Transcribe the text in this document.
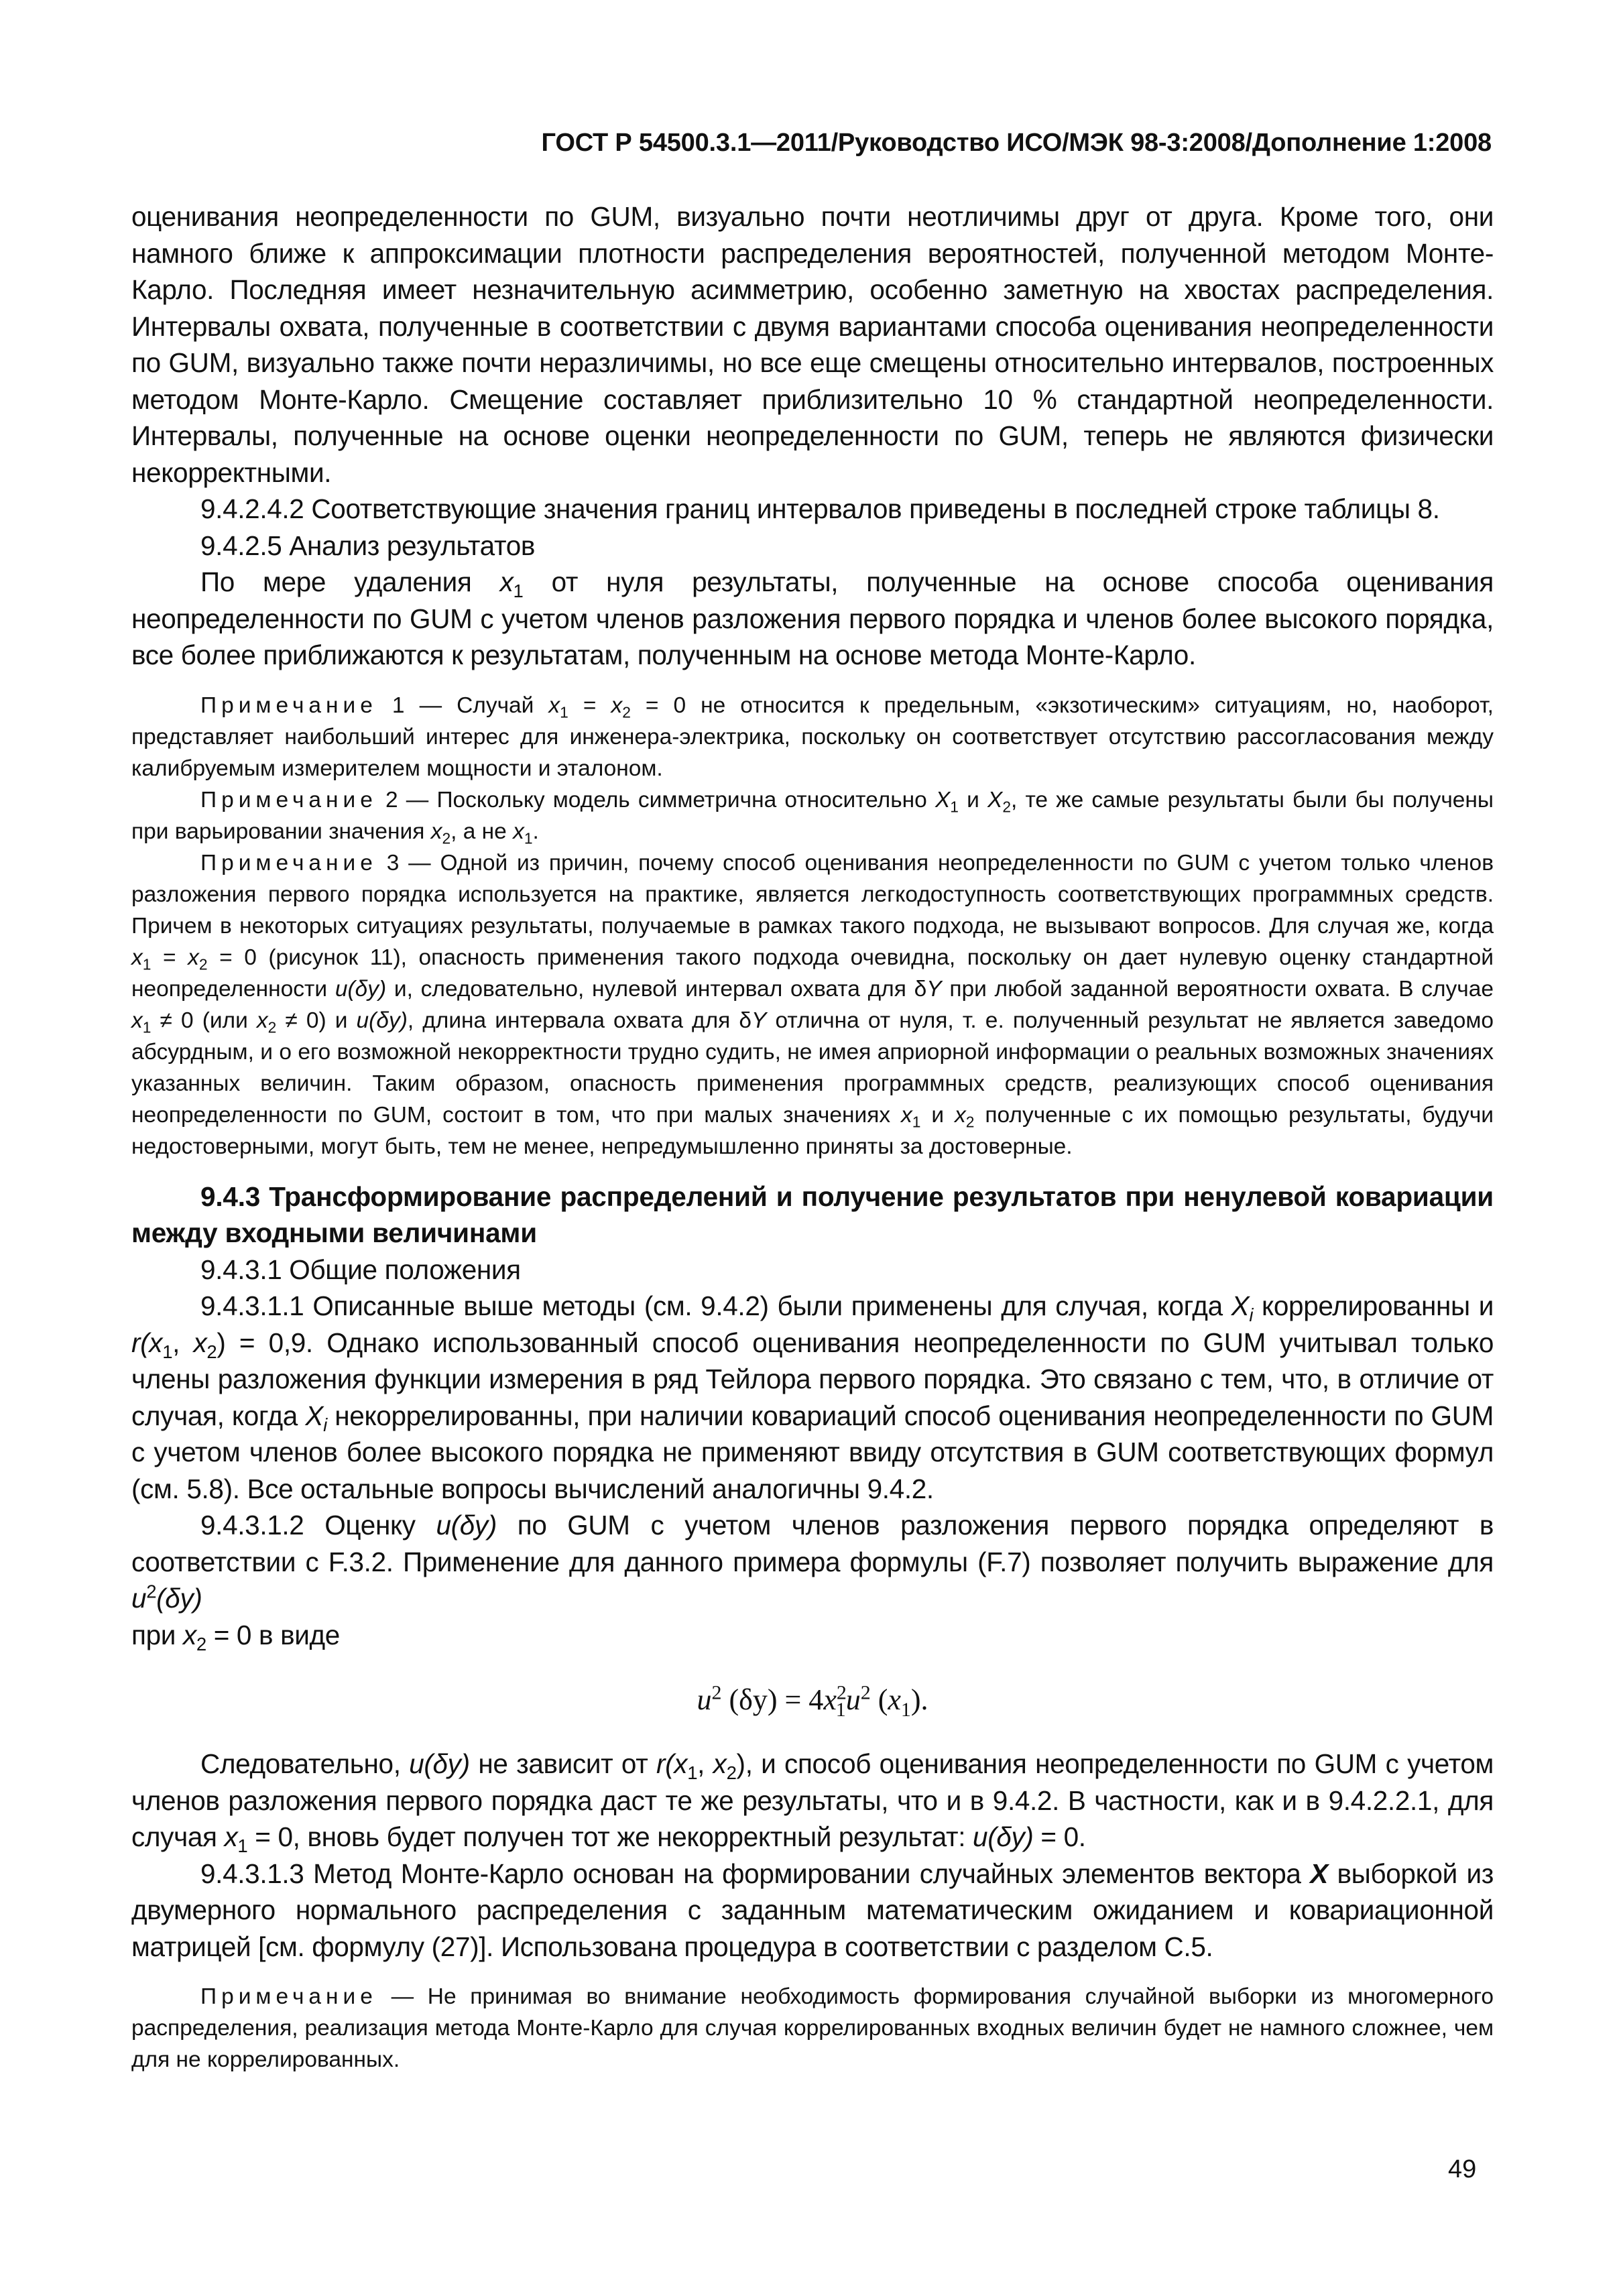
ГОСТ Р 54500.3.1—2011/Руководство ИСО/МЭК 98-3:2008/Дополнение 1:2008

оценивания неопределенности по GUM, визуально почти неотличимы друг от друга. Кроме того, они намного ближе к аппроксимации плотности распределения вероятностей, полученной методом Монте-Карло. Последняя имеет незначительную асимметрию, особенно заметную на хвостах распределения. Интервалы охвата, полученные в соответствии с двумя вариантами способа оценивания неопределенности по GUM, визуально также почти неразличимы, но все еще смещены относительно интервалов, построенных методом Монте-Карло. Смещение составляет приблизительно 10 % стандартной неопределенности. Интервалы, полученные на основе оценки неопределенности по GUM, теперь не являются физически некорректными.

9.4.2.4.2 Соответствующие значения границ интервалов приведены в последней строке таблицы 8.

9.4.2.5 Анализ результатов

По мере удаления $x_1$ от нуля результаты, полученные на основе способа оценивания неопределенности по GUM с учетом членов разложения первого порядка и членов более высокого порядка, все более приближаются к результатам, полученным на основе метода Монте-Карло.

Примечание 1 — Случай $x_1 = x_2 = 0$ не относится к предельным, «экзотическим» ситуациям, но, наоборот, представляет наибольший интерес для инженера-электрика, поскольку он соответствует отсутствию рассогласования между калибруемым измерителем мощности и эталоном.

Примечание 2 — Поскольку модель симметрична относительно $X_1$ и $X_2$, те же самые результаты были бы получены при варьировании значения $x_2$, а не $x_1$.

Примечание 3 — Одной из причин, почему способ оценивания неопределенности по GUM с учетом только членов разложения первого порядка используется на практике, является легкодоступность соответствующих программных средств. Причем в некоторых ситуациях результаты, получаемые в рамках такого подхода, не вызывают вопросов. Для случая же, когда $x_1 = x_2 = 0$ (рисунок 11), опасность применения такого подхода очевидна, поскольку он дает нулевую оценку стандартной неопределенности u(δy) и, следовательно, нулевой интервал охвата для δY при любой заданной вероятности охвата. В случае $x_1 \ne 0$ (или $x_2 \ne 0$) и u(δy), длина интервала охвата для δY отлична от нуля, т. е. полученный результат не является заведомо абсурдным, и о его возможной некорректности трудно судить, не имея априорной информации о реальных возможных значениях указанных величин. Таким образом, опасность применения программных средств, реализующих способ оценивания неопределенности по GUM, состоит в том, что при малых значениях $x_1$ и $x_2$ полученные с их помощью результаты, будучи недостоверными, могут быть, тем не менее, непредумышленно приняты за достоверные.

9.4.3 Трансформирование распределений и получение результатов при ненулевой ковариации между входными величинами

9.4.3.1 Общие положения

9.4.3.1.1 Описанные выше методы (см. 9.4.2) были применены для случая, когда $X_i$ коррелированны и $r(x_1$, $x_2) = 0,9$. Однако использованный способ оценивания неопределенности по GUM учитывал только члены разложения функции измерения в ряд Тейлора первого порядка. Это связано с тем, что, в отличие от случая, когда $X_i$ некоррелированны, при наличии ковариаций способ оценивания неопределенности по GUM с учетом членов более высокого порядка не применяют ввиду отсутствия в GUM соответствующих формул (см. 5.8). Все остальные вопросы вычислений аналогичны 9.4.2.

9.4.3.1.2 Оценку u(δy) по GUM с учетом членов разложения первого порядка определяют в соответствии с F.3.2. Применение для данного примера формулы (F.7) позволяет получить выражение для $u^2(\delta y)$
при $x_2 = 0$ в виде

$u^2$ $(\delta y) = 4x^2_1u^2$ $(x_1)$.

Следовательно, u(δy) не зависит от $r(x_1$, $x_2$), и способ оценивания неопределенности по GUM с учетом членов разложения первого порядка даст те же результаты, что и в 9.4.2. В частности, как и в 9.4.2.2.1, для случая $x_1 = 0$, вновь будет получен тот же некорректный результат: u(δy) = 0.

9.4.3.1.3 Метод Монте-Карло основан на формировании случайных элементов вектора X выборкой из двумерного нормального распределения с заданным математическим ожиданием и ковариационной матрицей [см. формулу (27)]. Использована процедура в соответствии с разделом С.5.

Примечание — Не принимая во внимание необходимость формирования случайной выборки из многомерного распределения, реализация метода Монте-Карло для случая коррелированных входных величин будет не намного сложнее, чем для не коррелированных.

49
